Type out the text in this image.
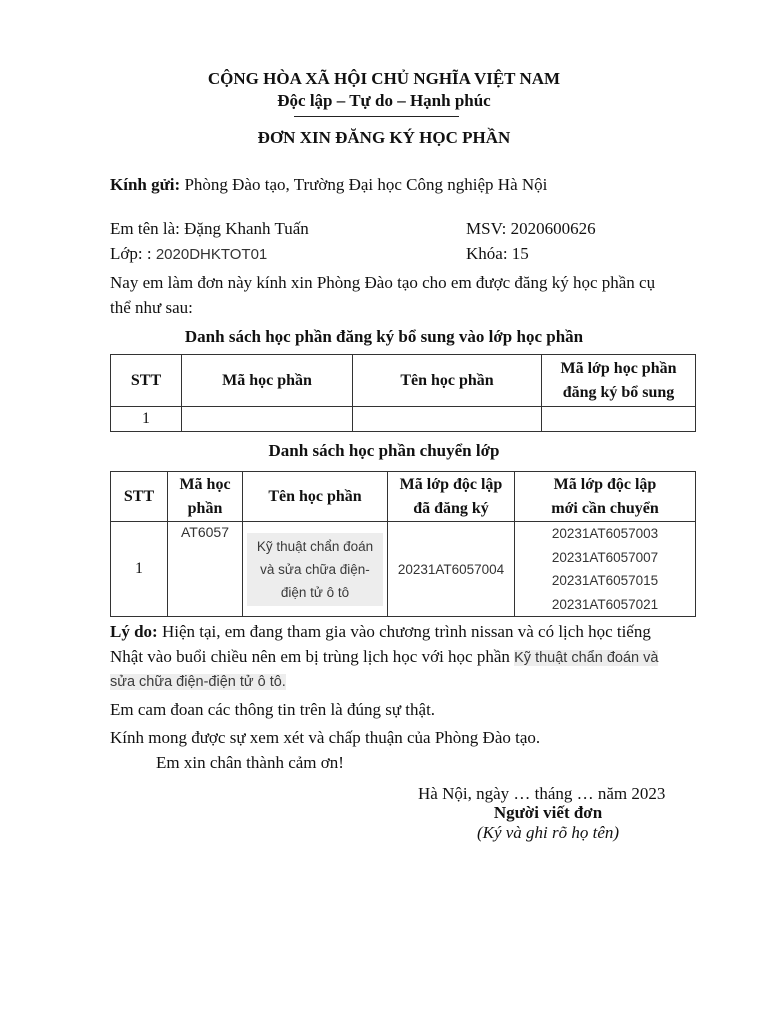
CỘNG HÒA XÃ HỘI CHỦ NGHĨA VIỆT NAM
Độc lập – Tự do – Hạnh phúc
ĐƠN XIN ĐĂNG KÝ HỌC PHẦN
Kính gửi: Phòng Đào tạo, Trường Đại học Công nghiệp Hà Nội
Em tên là: Đặng Khanh Tuấn	MSV: 2020600626
Lớp: : 2020DHKTOT01	Khóa: 15
Nay em làm đơn này kính xin Phòng Đào tạo cho em được đăng ký học phần cụ
thể như sau:
Danh sách học phần đăng ký bổ sung vào lớp học phần
STT	Mã học phần	Tên học phần	Mã lớp học phần
đăng ký bổ sung

1			
Danh sách học phần chuyển lớp
STT	Mã học
phần	Tên học phần	Mã lớp độc lập
đã đăng ký	Mã lớp độc lập
mới cần chuyển

1	AT6057	Kỹ thuật chẩn đoán
và sửa chữa điện-
điện tử ô tô	20231AT6057004	20231AT6057003
20231AT6057007
20231AT6057015
20231AT6057021
Lý do: Hiện tại, em đang tham gia vào chương trình nissan và có lịch học tiếng
Nhật vào buổi chiều nên em bị trùng lịch học với học phần Kỹ thuật chẩn đoán và
sửa chữa điện-điện tử ô tô.
Em cam đoan các thông tin trên là đúng sự thật.
Kính mong được sự xem xét và chấp thuận của Phòng Đào tạo.
Em xin chân thành cảm ơn!
Hà Nội, ngày … tháng … năm 2023
Người viết đơn
(Ký và ghi rõ họ tên)
